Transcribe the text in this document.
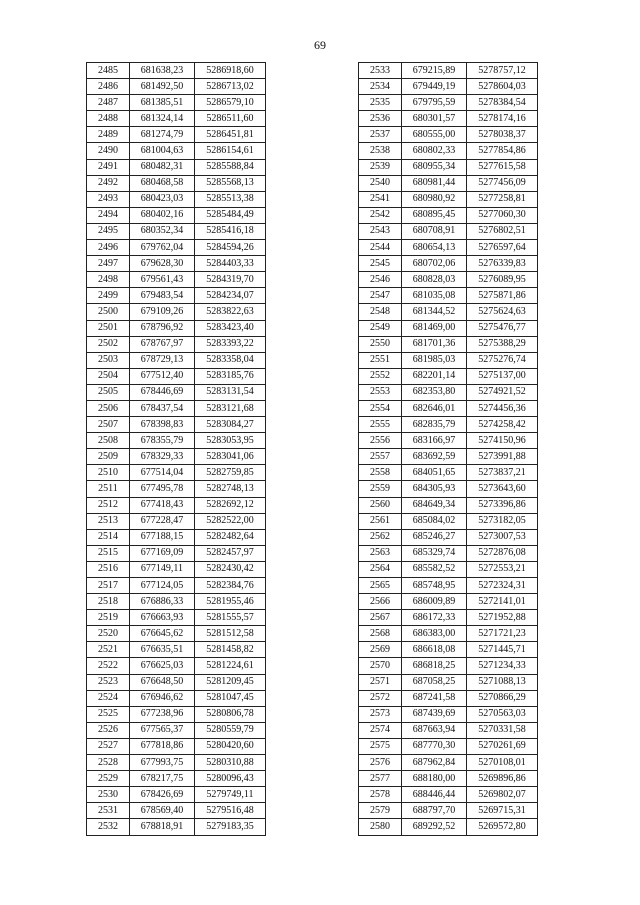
69
2485	681638,23	5286918,60
2486	681492,50	5286713,02
2487	681385,51	5286579,10
2488	681324,14	5286511,60
2489	681274,79	5286451,81
2490	681004,63	5286154,61
2491	680482,31	5285588,84
2492	680468,58	5285568,13
2493	680423,03	5285513,38
2494	680402,16	5285484,49
2495	680352,34	5285416,18
2496	679762,04	5284594,26
2497	679628,30	5284403,33
2498	679561,43	5284319,70
2499	679483,54	5284234,07
2500	679109,26	5283822,63
2501	678796,92	5283423,40
2502	678767,97	5283393,22
2503	678729,13	5283358,04
2504	677512,40	5283185,76
2505	678446,69	5283131,54
2506	678437,54	5283121,68
2507	678398,83	5283084,27
2508	678355,79	5283053,95
2509	678329,33	5283041,06
2510	677514,04	5282759,85
2511	677495,78	5282748,13
2512	677418,43	5282692,12
2513	677228,47	5282522,00
2514	677188,15	5282482,64
2515	677169,09	5282457,97
2516	677149,11	5282430,42
2517	677124,05	5282384,76
2518	676886,33	5281955,46
2519	676663,93	5281555,57
2520	676645,62	5281512,58
2521	676635,51	5281458,82
2522	676625,03	5281224,61
2523	676648,50	5281209,45
2524	676946,62	5281047,45
2525	677238,96	5280806,78
2526	677565,37	5280559,79
2527	677818,86	5280420,60
2528	677993,75	5280310,88
2529	678217,75	5280096,43
2530	678426,69	5279749,11
2531	678569,40	5279516,48
2532	678818,91	5279183,35
2533	679215,89	5278757,12
2534	679449,19	5278604,03
2535	679795,59	5278384,54
2536	680301,57	5278174,16
2537	680555,00	5278038,37
2538	680802,33	5277854,86
2539	680955,34	5277615,58
2540	680981,44	5277456,09
2541	680980,92	5277258,81
2542	680895,45	5277060,30
2543	680708,91	5276802,51
2544	680654,13	5276597,64
2545	680702,06	5276339,83
2546	680828,03	5276089,95
2547	681035,08	5275871,86
2548	681344,52	5275624,63
2549	681469,00	5275476,77
2550	681701,36	5275388,29
2551	681985,03	5275276,74
2552	682201,14	5275137,00
2553	682353,80	5274921,52
2554	682646,01	5274456,36
2555	682835,79	5274258,42
2556	683166,97	5274150,96
2557	683692,59	5273991,88
2558	684051,65	5273837,21
2559	684305,93	5273643,60
2560	684649,34	5273396,86
2561	685084,02	5273182,05
2562	685246,27	5273007,53
2563	685329,74	5272876,08
2564	685582,52	5272553,21
2565	685748,95	5272324,31
2566	686009,89	5272141,01
2567	686172,33	5271952,88
2568	686383,00	5271721,23
2569	686618,08	5271445,71
2570	686818,25	5271234,33
2571	687058,25	5271088,13
2572	687241,58	5270866,29
2573	687439,69	5270563,03
2574	687663,94	5270331,58
2575	687770,30	5270261,69
2576	687962,84	5270108,01
2577	688180,00	5269896,86
2578	688446,44	5269802,07
2579	688797,70	5269715,31
2580	689292,52	5269572,80
